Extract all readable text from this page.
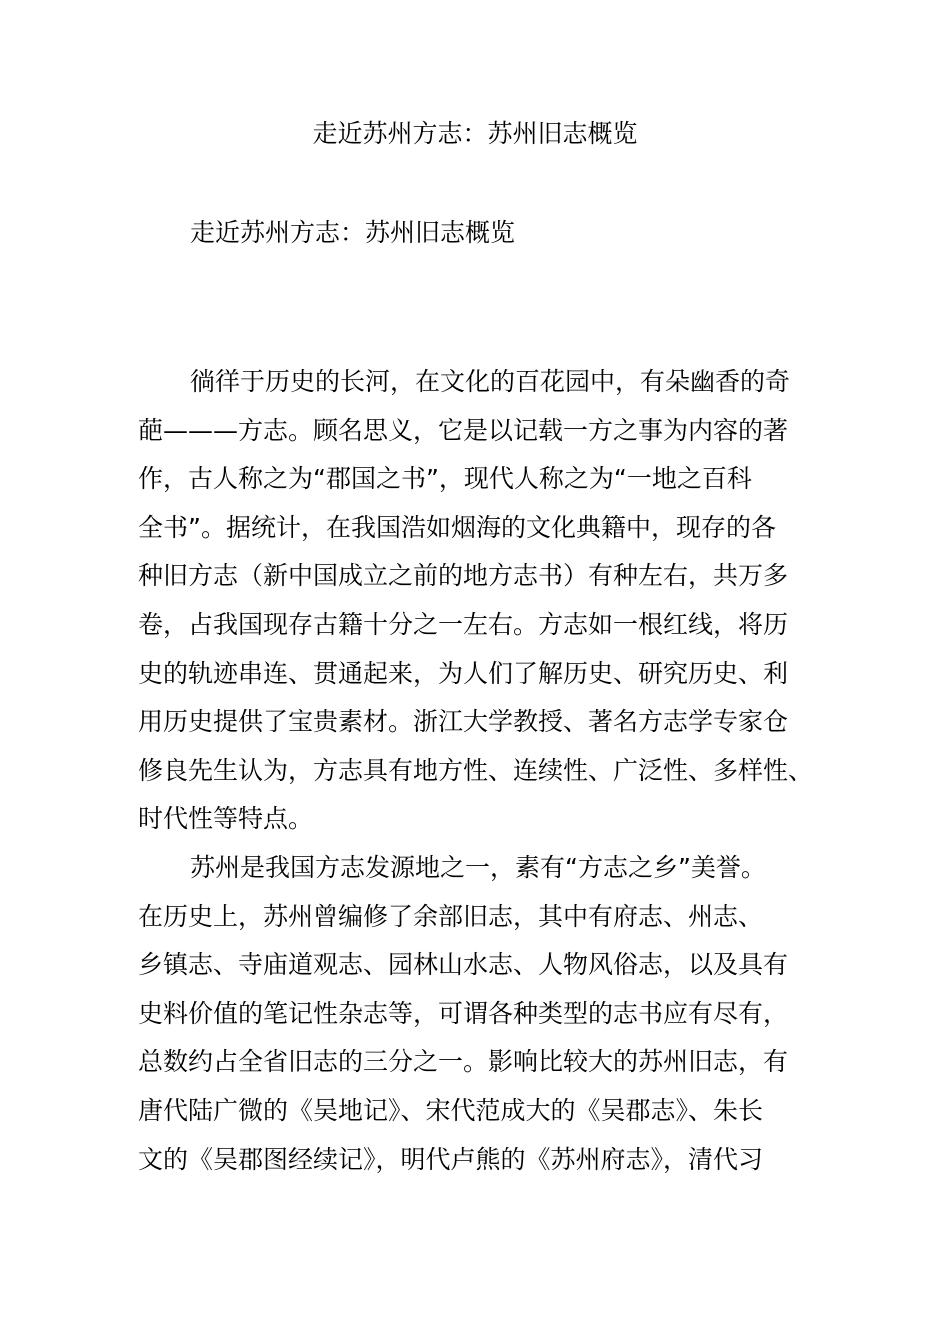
走近苏州方志：苏州旧志概览
走近苏州方志：苏州旧志概览
徜徉于历史的长河，在文化的百花园中，有朵幽香的奇
葩———方志。顾名思义，它是以记载一方之事为内容的著
作，古人称之为“郡国之书”，现代人称之为“一地之百科
全书”。据统计，在我国浩如烟海的文化典籍中，现存的各
种旧方志（新中国成立之前的地方志书）有种左右，共万多
卷，占我国现存古籍十分之一左右。方志如一根红线，将历
史的轨迹串连、贯通起来，为人们了解历史、研究历史、利
用历史提供了宝贵素材。浙江大学教授、著名方志学专家仓
修良先生认为，方志具有地方性、连续性、广泛性、多样性、
时代性等特点。
苏州是我国方志发源地之一，素有“方志之乡”美誉。
在历史上，苏州曾编修了余部旧志，其中有府志、州志、
乡镇志、寺庙道观志、园林山水志、人物风俗志，以及具有
史料价值的笔记性杂志等，可谓各种类型的志书应有尽有，
总数约占全省旧志的三分之一。影响比较大的苏州旧志，有
唐代陆广微的《吴地记》、宋代范成大的《吴郡志》、朱长
文的《吴郡图经续记》，明代卢熊的《苏州府志》，清代习
